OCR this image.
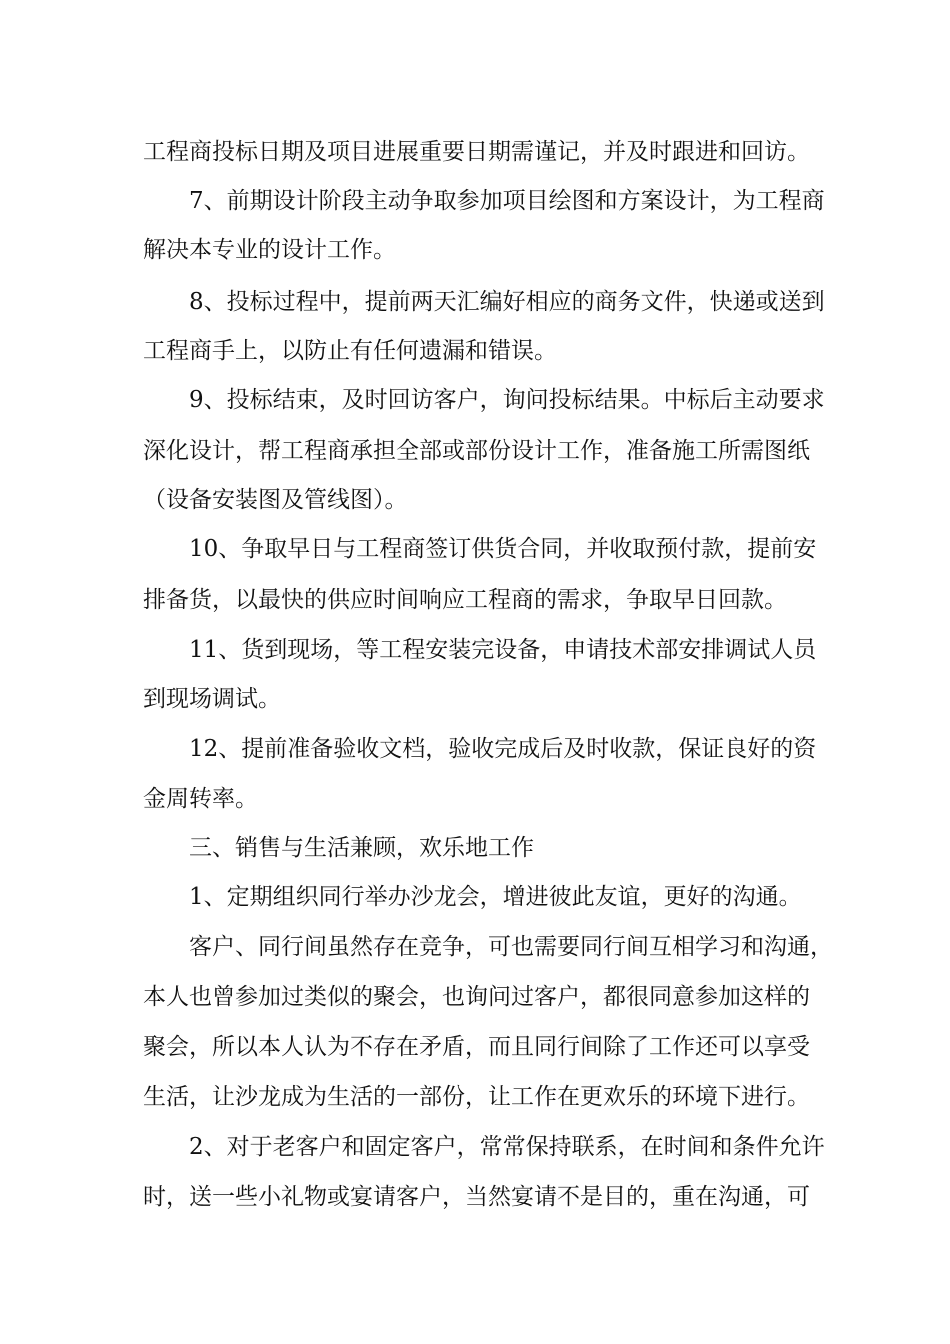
工程商投标日期及项目进展重要日期需谨记，并及时跟进和回访。
7、前期设计阶段主动争取参加项目绘图和方案设计，为工程商
解决本专业的设计工作。
8、投标过程中，提前两天汇编好相应的商务文件，快递或送到
工程商手上，以防止有任何遗漏和错误。
9、投标结束，及时回访客户，询问投标结果。中标后主动要求
深化设计，帮工程商承担全部或部份设计工作，准备施工所需图纸
（设备安装图及管线图）。
10、争取早日与工程商签订供货合同，并收取预付款，提前安
排备货，以最快的供应时间响应工程商的需求，争取早日回款。
11、货到现场，等工程安装完设备，申请技术部安排调试人员
到现场调试。
12、提前准备验收文档，验收完成后及时收款，保证良好的资
金周转率。
三、销售与生活兼顾，欢乐地工作
1、定期组织同行举办沙龙会，增进彼此友谊，更好的沟通。
客户、同行间虽然存在竞争，可也需要同行间互相学习和沟通，
本人也曾参加过类似的聚会，也询问过客户，都很同意参加这样的
聚会，所以本人认为不存在矛盾，而且同行间除了工作还可以享受
生活，让沙龙成为生活的一部份，让工作在更欢乐的环境下进行。
2、对于老客户和固定客户，常常保持联系，在时间和条件允许
时，送一些小礼物或宴请客户，当然宴请不是目的，重在沟通，可
